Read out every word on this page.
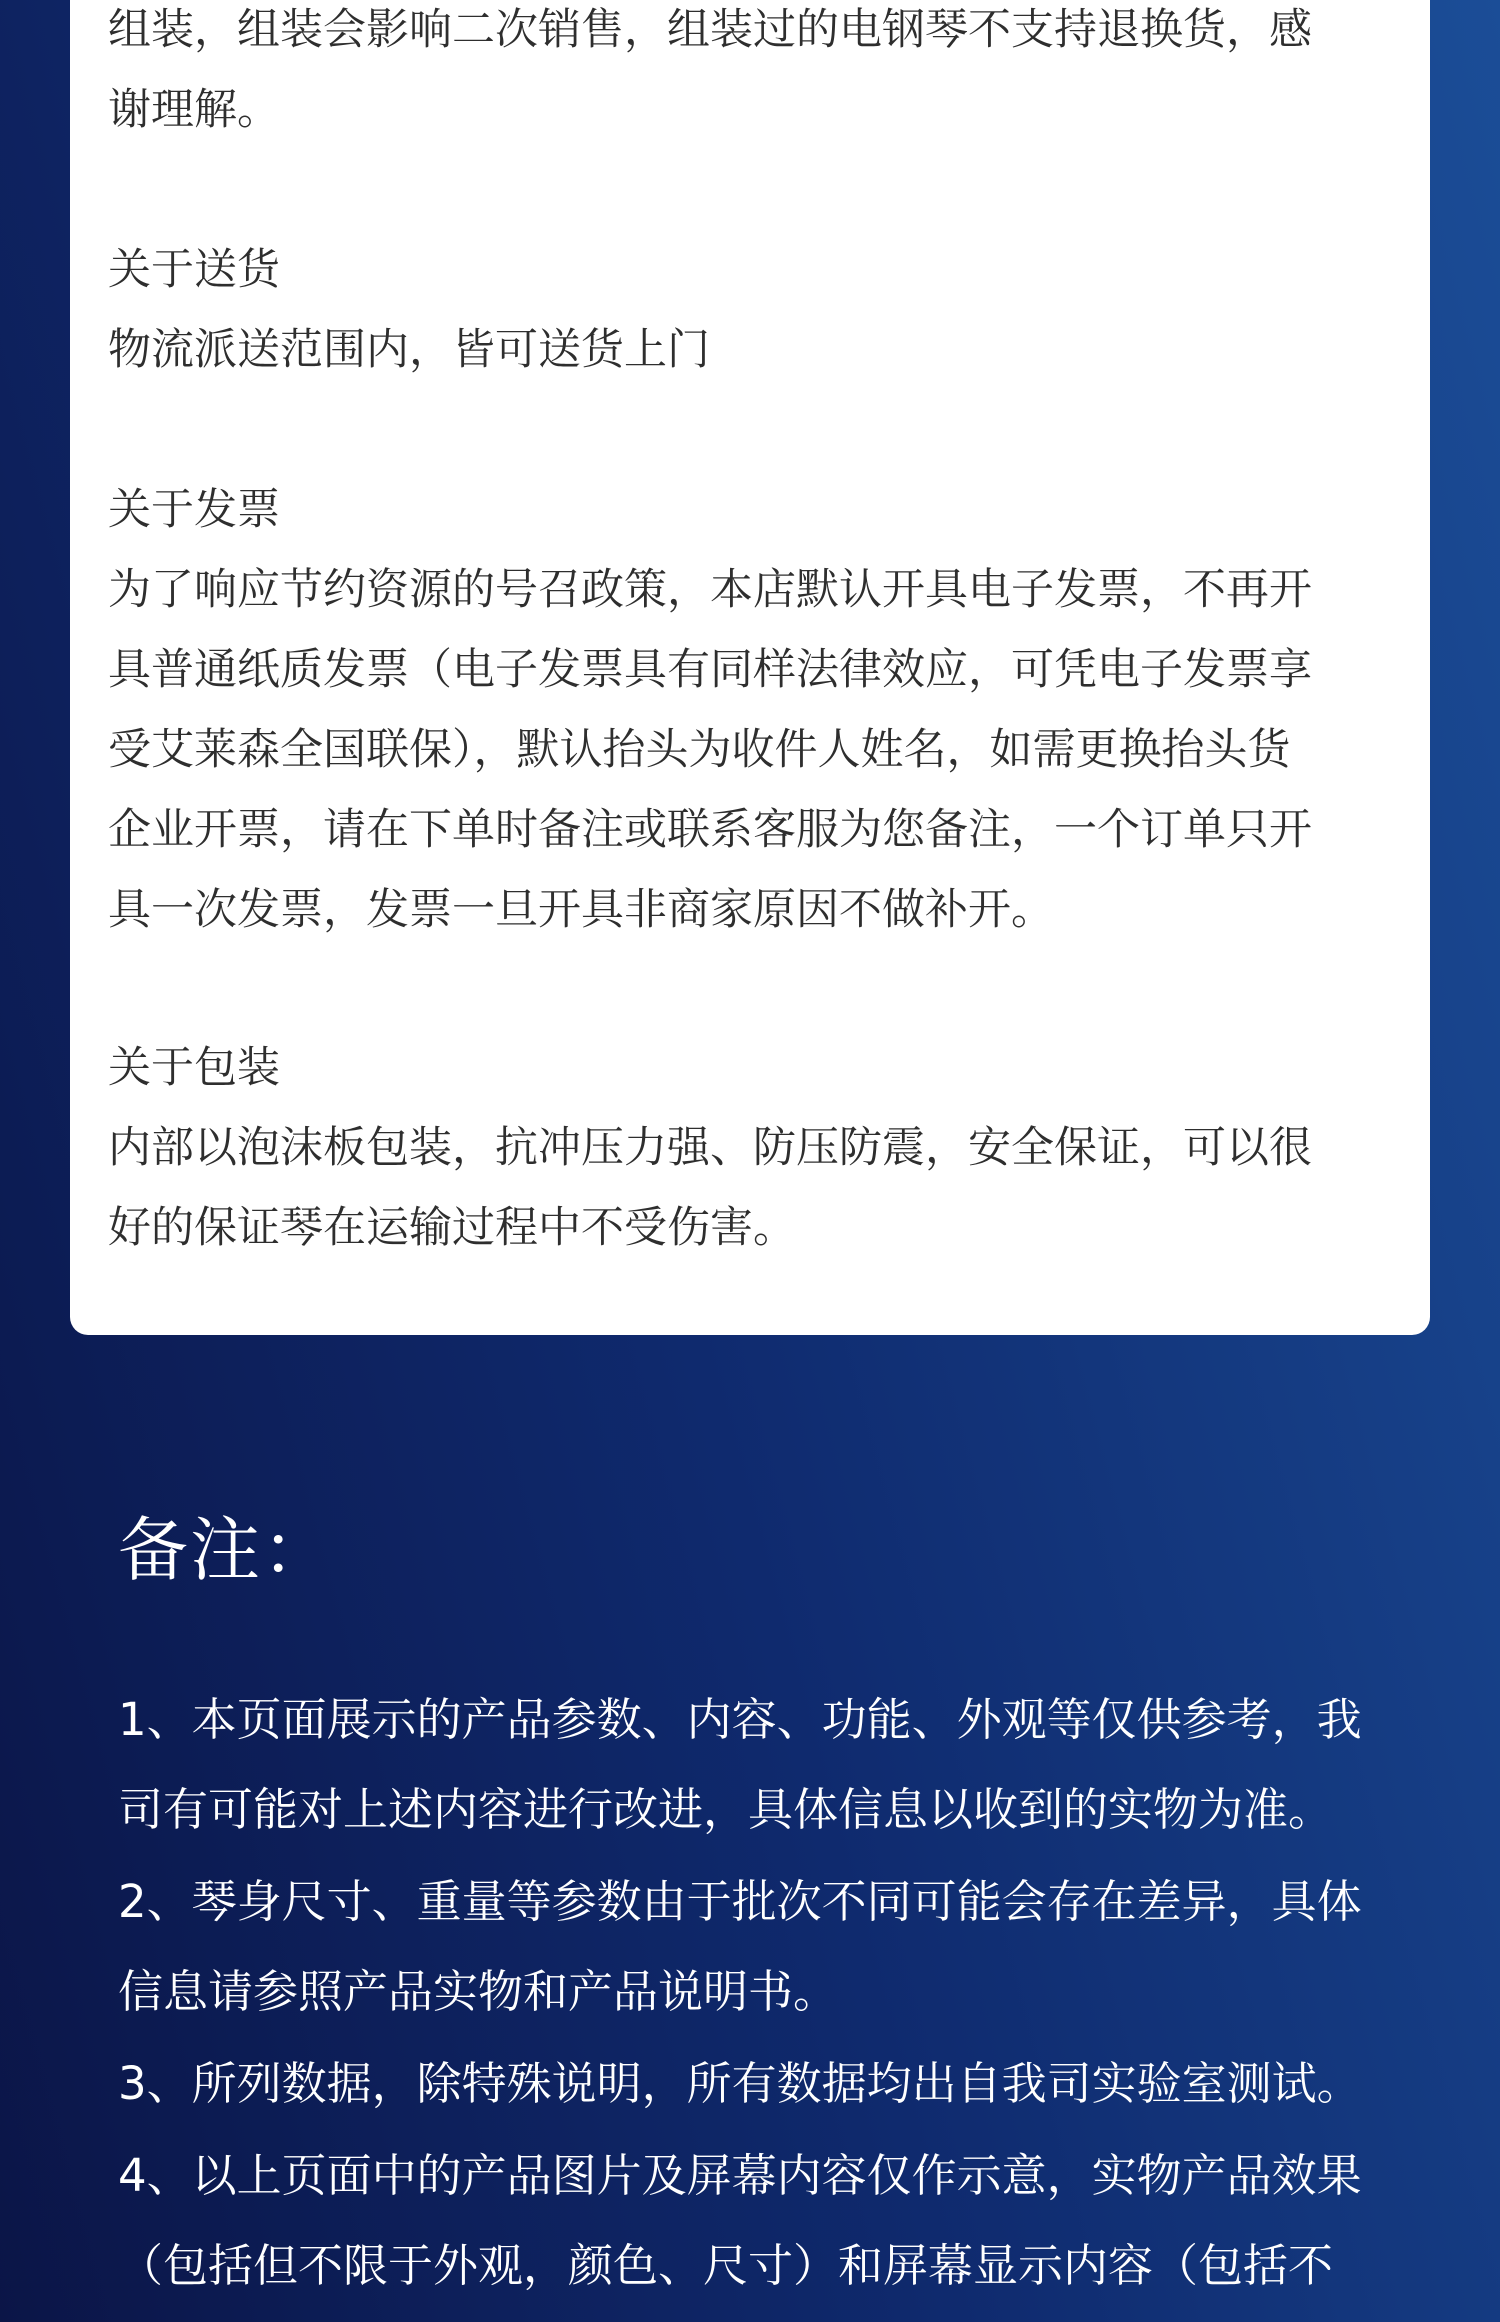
组装，组装会影响二次销售，组装过的电钢琴不支持退换货，感
谢理解。
关于送货
物流派送范围内，皆可送货上门
关于发票
为了响应节约资源的号召政策，本店默认开具电子发票，不再开
具普通纸质发票（电子发票具有同样法律效应，可凭电子发票享
受艾莱森全国联保），默认抬头为收件人姓名，如需更换抬头货
企业开票，请在下单时备注或联系客服为您备注，一个订单只开
具一次发票，发票一旦开具非商家原因不做补开。
关于包装
内部以泡沫板包装，抗冲压力强、防压防震，安全保证，可以很
好的保证琴在运输过程中不受伤害。
备注：
1、本页面展示的产品参数、内容、功能、外观等仅供参考，我
司有可能对上述内容进行改进，具体信息以收到的实物为准。
2、琴身尺寸、重量等参数由于批次不同可能会存在差异，具体
信息请参照产品实物和产品说明书。
3、所列数据，除特殊说明，所有数据均出自我司实验室测试。
4、以上页面中的产品图片及屏幕内容仅作示意，实物产品效果
（包括但不限于外观，颜色、尺寸）和屏幕显示内容（包括不
